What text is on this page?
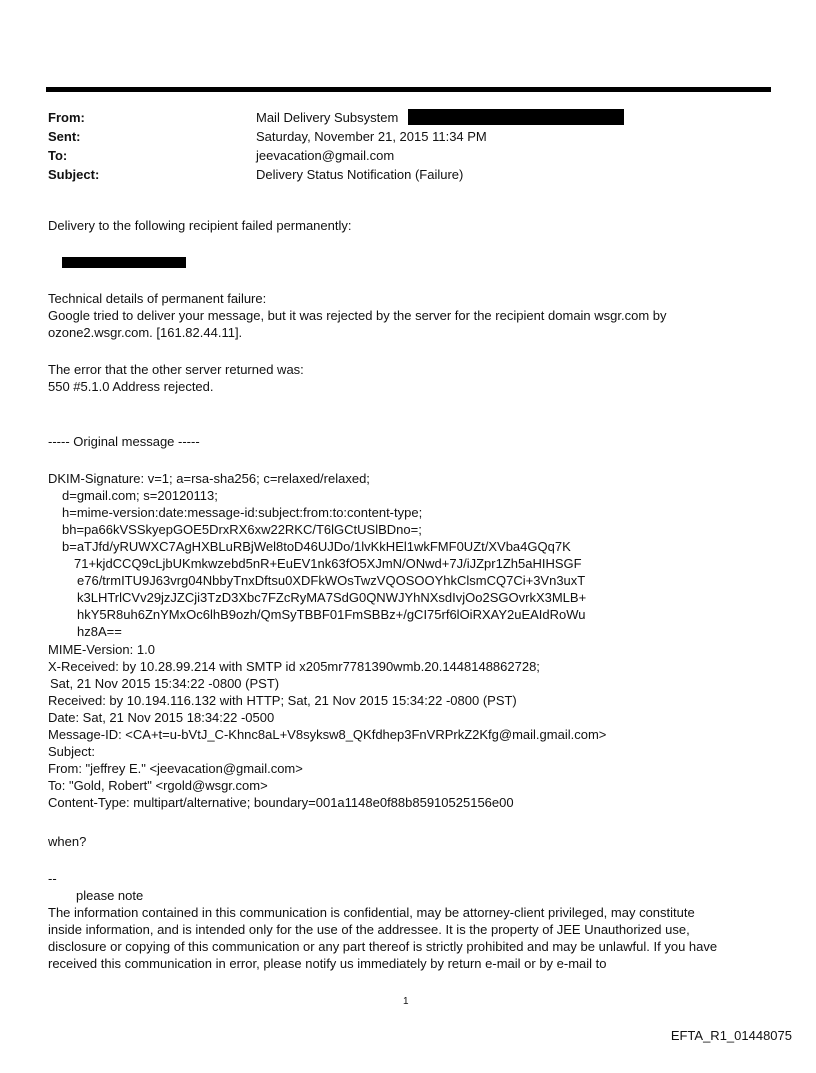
From:	Mail Delivery Subsystem
Sent:	Saturday, November 21, 2015 11:34 PM
To:	jeevacation@gmail.com
Subject:	Delivery Status Notification (Failure)
Delivery to the following recipient failed permanently:
Technical details of permanent failure:
Google tried to deliver your message, but it was rejected by the server for the recipient domain wsgr.com by
ozone2.wsgr.com. [161.82.44.11].
The error that the other server returned was:
550 #5.1.0 Address rejected.
----- Original message -----
DKIM-Signature: v=1; a=rsa-sha256; c=relaxed/relaxed;
d=gmail.com; s=20120113;
h=mime-version:date:message-id:subject:from:to:content-type;
bh=pa66kVSSkyepGOE5DrxRX6xw22RKC/T6lGCtUSlBDno=;
b=aTJfd/yRUWXC7AgHXBLuRBjWel8toD46UJDo/1lvKkHEl1wkFMF0UZt/XVba4GQq7K
71+kjdCCQ9cLjbUKmkwzebd5nR+EuEV1nk63fO5XJmN/ONwd+7J/iJZpr1Zh5aHIHSGF
e76/trmITU9J63vrg04NbbyTnxDftsu0XDFkWOsTwzVQOSOOYhkClsmCQ7Ci+3Vn3uxT
k3LHTrlCVv29jzJZCji3TzD3Xbc7FZcRyMA7SdG0QNWJYhNXsdIvjOo2SGOvrkX3MLB+
hkY5R8uh6ZnYMxOc6lhB9ozh/QmSyTBBF01FmSBBz+/gCI75rf6lOiRXAY2uEAIdRoWu
hz8A==
MIME-Version: 1.0
X-Received: by 10.28.99.214 with SMTP id x205mr7781390wmb.20.1448148862728;
Sat, 21 Nov 2015 15:34:22 -0800 (PST)
Received: by 10.194.116.132 with HTTP; Sat, 21 Nov 2015 15:34:22 -0800 (PST)
Date: Sat, 21 Nov 2015 18:34:22 -0500
Message-ID: <CA+t=u-bVtJ_C-Khnc8aL+V8syksw8_QKfdhep3FnVRPrkZ2Kfg@mail.gmail.com>
Subject:
From: "jeffrey E." <jeevacation@gmail.com>
To: "Gold, Robert" <rgold@wsgr.com>
Content-Type: multipart/alternative; boundary=001a1148e0f88b85910525156e00
when?
--
please note
The information contained in this communication is confidential, may be attorney-client privileged, may constitute
inside information, and is intended only for the use of the addressee. It is the property of JEE Unauthorized use,
disclosure or copying of this communication or any part thereof is strictly prohibited and may be unlawful. If you have
received this communication in error, please notify us immediately by return e-mail or by e-mail to
1
EFTA_R1_01448075
